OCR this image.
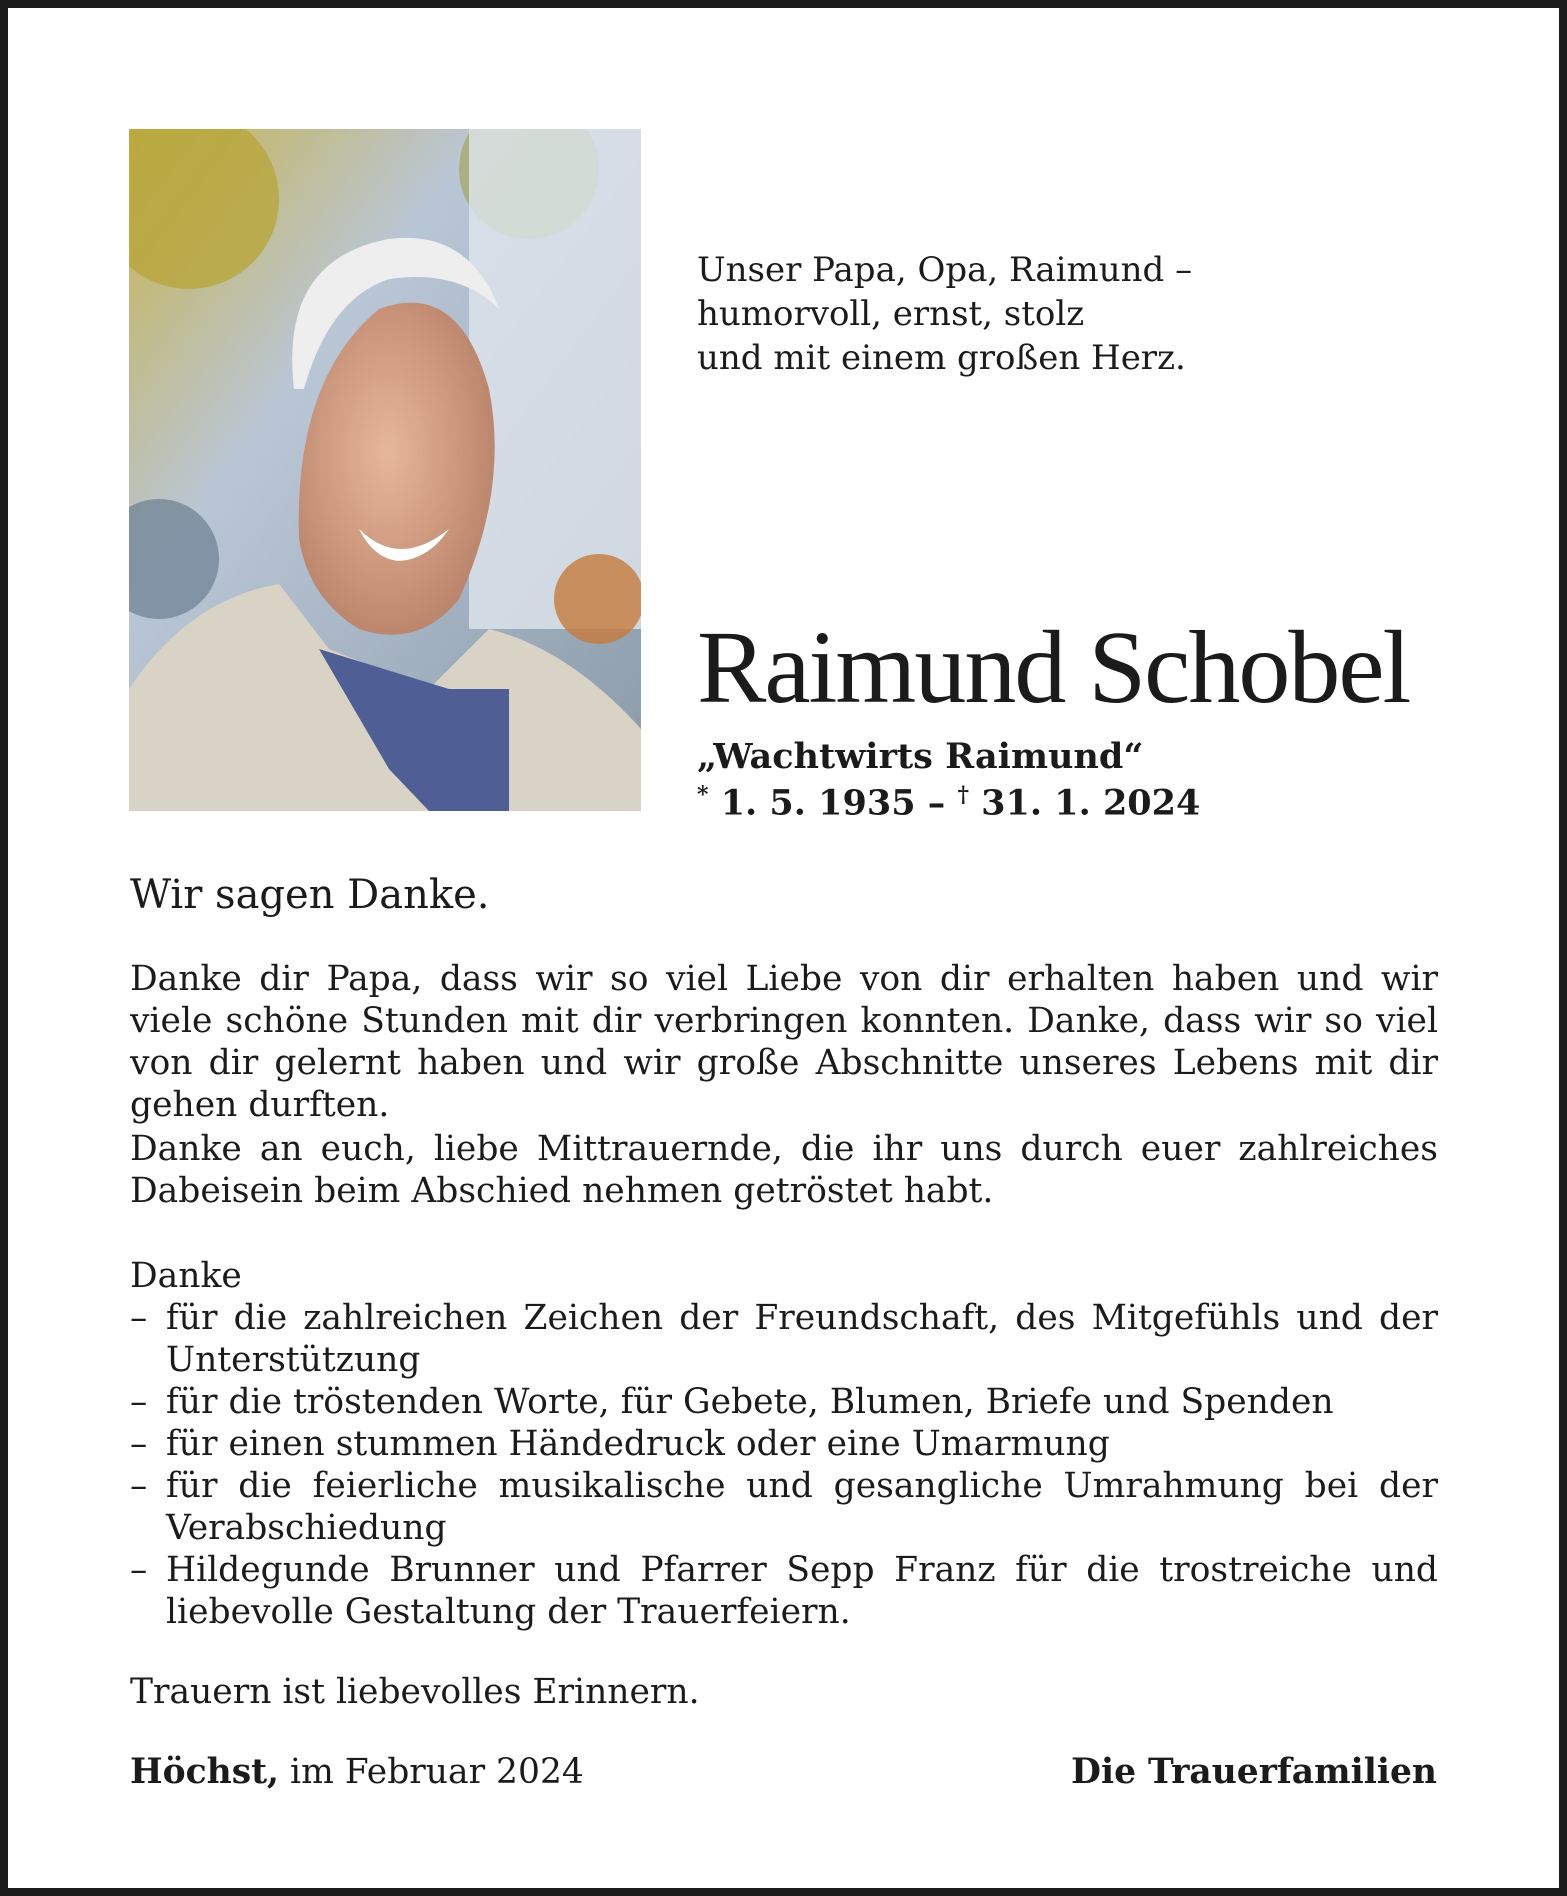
Unser Papa, Opa, Raimund –
humorvoll, ernst, stolz
und mit einem großen Herz.
Raimund Schobel
„Wachtwirts Raimund“
* 1. 5. 1935 – † 31. 1. 2024
Wir sagen Danke.
Danke dir Papa, dass wir so viel Liebe von dir erhalten haben und wir viele schöne Stunden mit dir verbringen konnten. Danke, dass wir so viel von dir gelernt haben und wir große Abschnitte unseres Lebens mit dir gehen durften.
Danke an euch, liebe Mittrauernde, die ihr uns durch euer zahlreiches Dabeisein beim Abschied nehmen getröstet habt.
Danke
– für die zahlreichen Zeichen der Freundschaft, des Mitgefühls und der Unterstützung
– für die tröstenden Worte, für Gebete, Blumen, Briefe und Spenden
– für einen stummen Händedruck oder eine Umarmung
– für die feierliche musikalische und gesangliche Umrahmung bei der Verabschiedung
– Hildegunde Brunner und Pfarrer Sepp Franz für die trostreiche und liebevolle Gestaltung der Trauerfeiern.
Trauern ist liebevolles Erinnern.
Höchst, im Februar 2024	Die Trauerfamilien
